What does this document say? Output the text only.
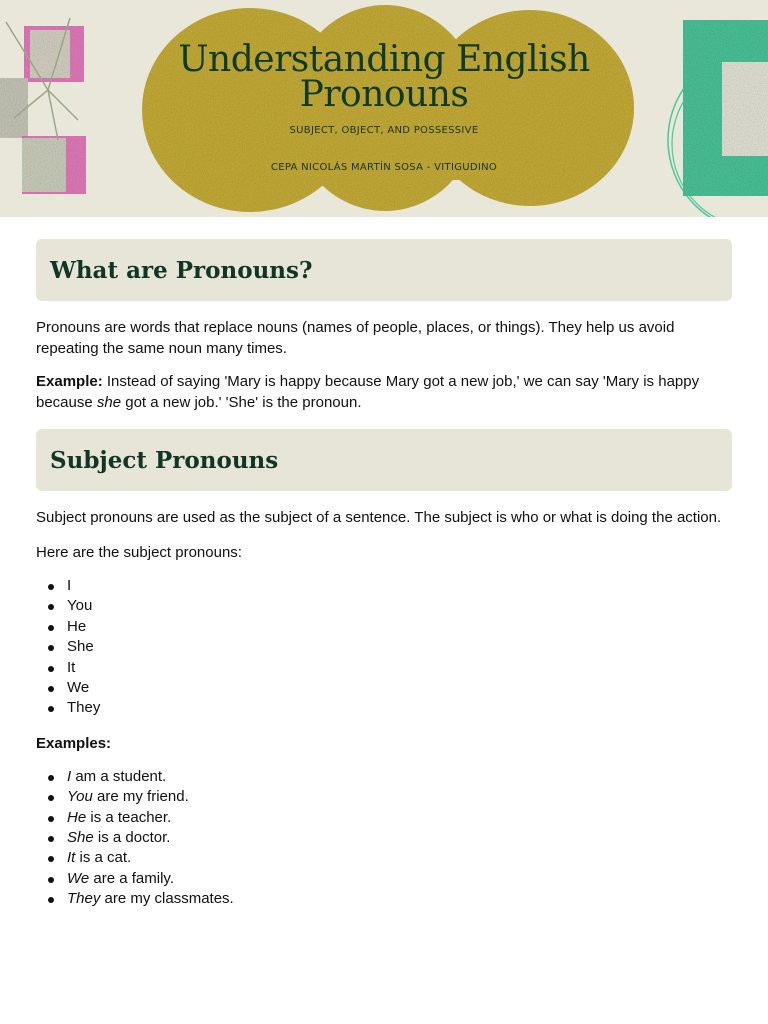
Understanding English
Pronouns
SUBJECT, OBJECT, AND POSSESSIVE
CEPA NICOLÁS MARTÍN SOSA - VITIGUDINO
What are Pronouns?

Pronouns are words that replace nouns (names of people, places, or things). They help us avoid repeating the same noun many times.

Example: Instead of saying 'Mary is happy because Mary got a new job,' we can say 'Mary is happy because she got a new job.' 'She' is the pronoun.

Subject Pronouns

Subject pronouns are used as the subject of a sentence. The subject is who or what is doing the action.

Here are the subject pronouns:

I
You
He
She
It
We
They

Examples:

I am a student.
You are my friend.
He is a teacher.
She is a doctor.
It is a cat.
We are a family.
They are my classmates.
